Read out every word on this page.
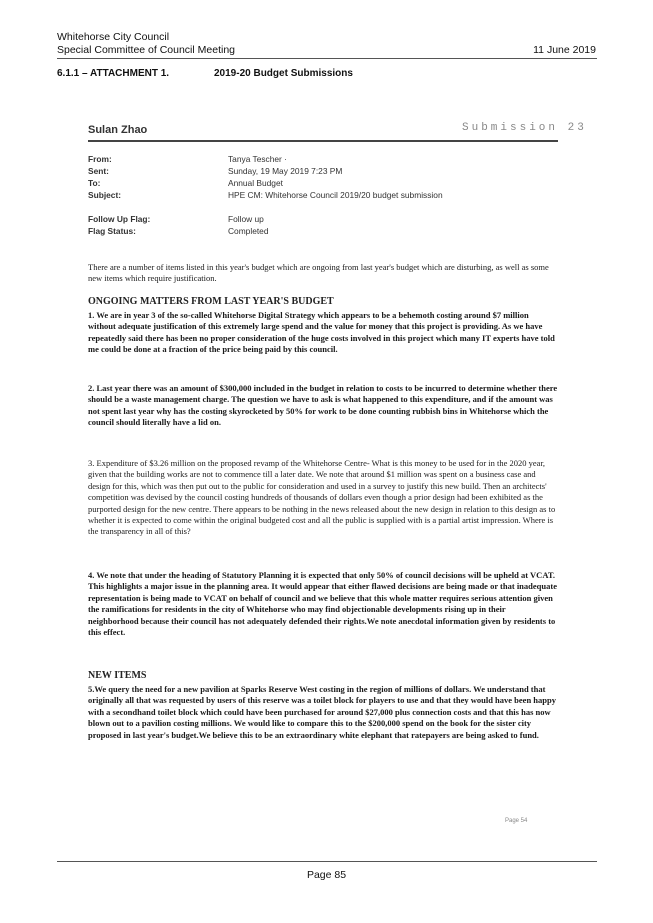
Whitehorse City Council
Special Committee of Council Meeting	11 June 2019
6.1.1 – ATTACHMENT 1.	2019-20 Budget Submissions
Sulan Zhao	Submission 23
From:	Tanya Tescher ·
Sent:	Sunday, 19 May 2019 7:23 PM
To:	Annual Budget
Subject:	HPE CM: Whitehorse Council 2019/20 budget submission
Follow Up Flag:	Follow up
Flag Status:	Completed
There are a number of items listed in this year's budget which are ongoing from last year's budget which are disturbing, as well as some new items which require justification.
ONGOING MATTERS FROM LAST YEAR'S BUDGET
1. We are in year 3 of the so-called Whitehorse Digital Strategy which appears to be a behemoth costing around $7 million without adequate justification of this extremely large spend and the value for money that this project is providing. As we have repeatedly said there has been no proper consideration of the huge costs involved in this project which many IT experts have told me could be done at a fraction of the price being paid by this council.
2. Last year there was an amount of $300,000 included in the budget in relation to costs to be incurred to determine whether there should be a waste management charge. The question we have to ask is what happened to this expenditure, and if the amount was not spent last year why has the costing skyrocketed by 50% for work to be done counting rubbish bins in Whitehorse which the council should literally have a lid on.
3. Expenditure of $3.26 million on the proposed revamp of the Whitehorse Centre- What is this money to be used for in the 2020 year, given that the building works are not to commence till a later date. We note that around $1 million was spent on a business case and design for this, which was then put out to the public for consideration and used in a survey to justify this new build. Then an architects' competition was devised by the council costing hundreds of thousands of dollars even though a prior design had been exhibited as the purported design for the new centre. There appears to be nothing in the news released about the new design in relation to this design as to whether it is expected to come within the original budgeted cost and all the public is supplied with is a partial artist impression. Where is the transparency in all of this?
4. We note that under the heading of Statutory Planning it is expected that only 50% of council decisions will be upheld at VCAT. This highlights a major issue in the planning area. It would appear that either flawed decisions are being made or that inadequate representation is being made to VCAT on behalf of council and we believe that this whole matter requires serious attention given the ramifications for residents in the city of Whitehorse who may find objectionable developments rising up in their neighborhood because their council has not adequately defended their rights.We note anecdotal information given by residents to this effect.
NEW ITEMS
5.We query the need for a new pavilion at Sparks Reserve West costing in the region of millions of dollars. We understand that originally all that was requested by users of this reserve was a toilet block for players to use and that they would have been happy with a secondhand toilet block which could have been purchased for around $27,000 plus connection costs and that this has now blown out to a pavilion costing millions. We would like to compare this to the $200,000 spend on the book for the sister city proposed in last year's budget.We believe this to be an extraordinary white elephant that ratepayers are being asked to fund.
Page 54
Page 85
